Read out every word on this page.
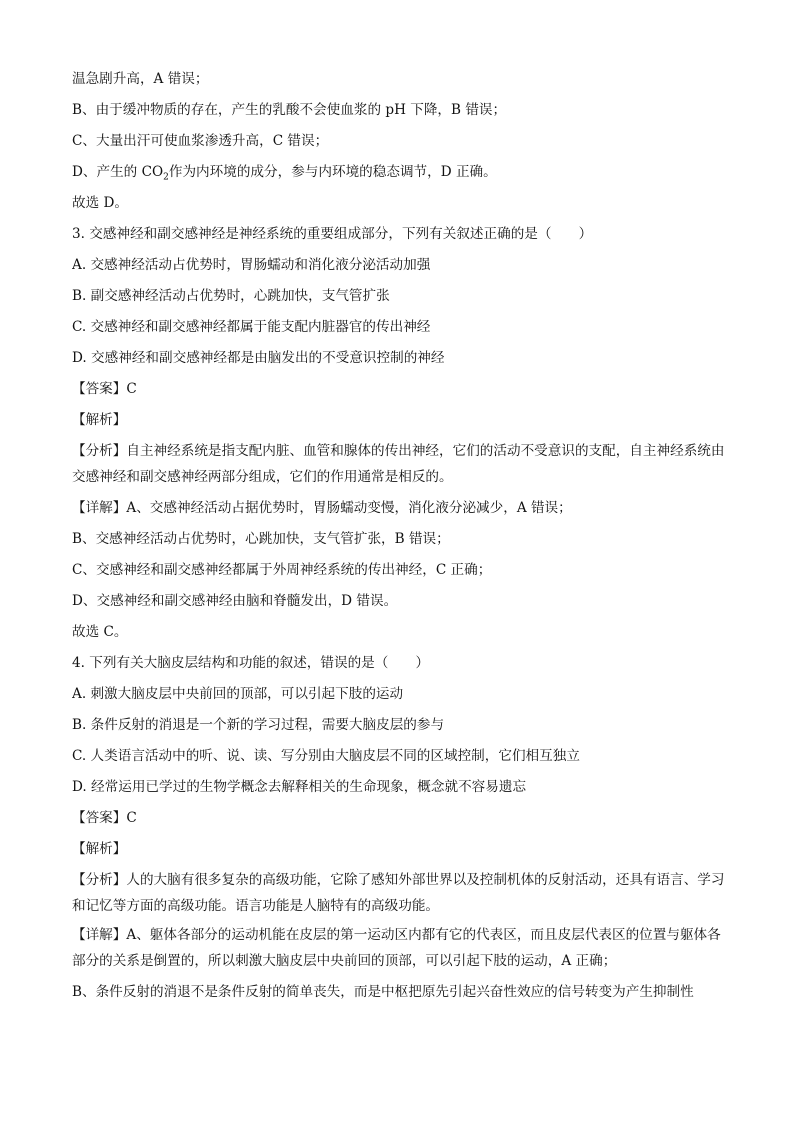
温急剧升高，A 错误；
B、由于缓冲物质的存在，产生的乳酸不会使血浆的 pH 下降，B 错误；
C、大量出汗可使血浆渗透升高，C 错误；
D、产生的 $CO_2$作为内环境的成分，参与内环境的稳态调节，D 正确。
故选 D。
3. 交感神经和副交感神经是神经系统的重要组成部分，下列有关叙述正确的是（　　）
A. 交感神经活动占优势时，胃肠蠕动和消化液分泌活动加强
B. 副交感神经活动占优势时，心跳加快，支气管扩张
C. 交感神经和副交感神经都属于能支配内脏器官的传出神经
D. 交感神经和副交感神经都是由脑发出的不受意识控制的神经
【答案】C
【解析】
【分析】自主神经系统是指支配内脏、血管和腺体的传出神经，它们的活动不受意识的支配，自主神经系统由交感神经和副交感神经两部分组成，它们的作用通常是相反的。
【详解】A、交感神经活动占据优势时，胃肠蠕动变慢，消化液分泌减少，A 错误；
B、交感神经活动占优势时，心跳加快，支气管扩张，B 错误；
C、交感神经和副交感神经都属于外周神经系统的传出神经，C 正确；
D、交感神经和副交感神经由脑和脊髓发出，D 错误。
故选 C。
4. 下列有关大脑皮层结构和功能的叙述，错误的是（　　）
A. 刺激大脑皮层中央前回的顶部，可以引起下肢的运动
B. 条件反射的消退是一个新的学习过程，需要大脑皮层的参与
C. 人类语言活动中的听、说、读、写分别由大脑皮层不同的区域控制，它们相互独立
D. 经常运用已学过的生物学概念去解释相关的生命现象，概念就不容易遗忘
【答案】C
【解析】
【分析】人的大脑有很多复杂的高级功能，它除了感知外部世界以及控制机体的反射活动，还具有语言、学习和记忆等方面的高级功能。语言功能是人脑特有的高级功能。
【详解】A、躯体各部分的运动机能在皮层的第一运动区内都有它的代表区，而且皮层代表区的位置与躯体各部分的关系是倒置的，所以刺激大脑皮层中央前回的顶部，可以引起下肢的运动，A 正确；
B、条件反射的消退不是条件反射的简单丧失，而是中枢把原先引起兴奋性效应的信号转变为产生抑制性
